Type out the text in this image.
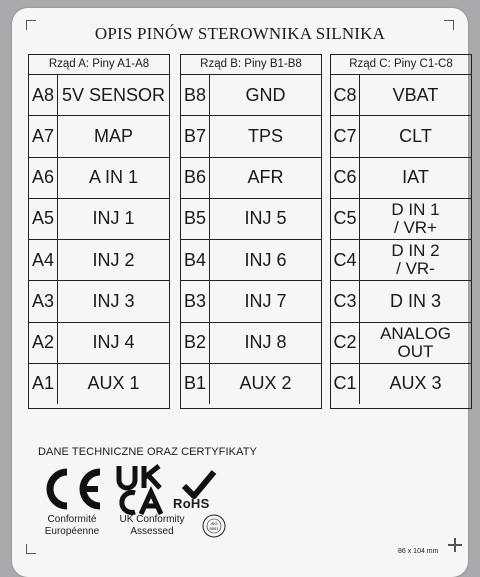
OPIS PINÓW STEROWNIKA SILNIKA
Rząd A: Piny A1-A8
A8 5V SENSOR
A7	MAP
A6	A IN 1
A5	INJ 1
A4	INJ 2
A3	INJ 3
A2	INJ 4
A1	AUX 1
Rząd B: Piny B1-B8
B8	GND
B7	TPS
B6	AFR
B5	INJ 5
B4	INJ 6
B3	INJ 7
B2	INJ 8
B1	AUX 2
Rząd C: Piny C1-C8
C8	VBAT
C7	CLT
C6	IAT
C5	D IN 1
/ VR+
C4	D IN 2
/ VR-
C3	D IN 3
C2	ANALOG
OUT
C1	AUX 3
DANE TECHNICZNE ORAZ CERTYFIKATY
RoHS
ISO
9001
Conformité
Européenne
UK Conformity
Assessed
86 x 104 mm
